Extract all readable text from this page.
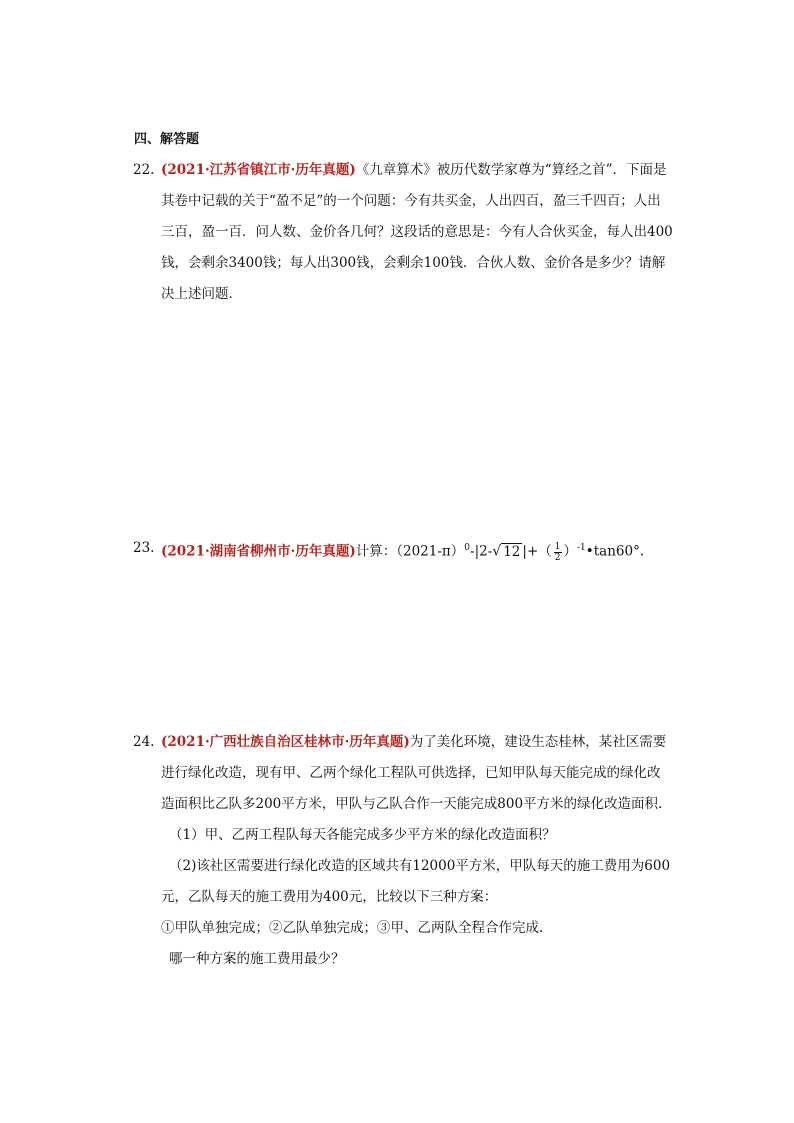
四、解答题
22. (2021·江苏省镇江市·历年真题)《九章算术》被历代数学家尊为“算经之首”．下面是其卷中记载的关于“盈不足”的一个问题：今有共买金，人出四百，盈三千四百；人出三百，盈一百．问人数、金价各几何？这段话的意思是：今有人合伙买金，每人出400钱，会剩余3400钱；每人出300钱，会剩余100钱．合伙人数、金价各是多少？请解决上述问题．
23. (2021·湖南省柳州市·历年真题)计算：$(2021-\pi)^0-|2-√$ 12 |+（ $\frac{1}{2}$ ）$^{-1}$•tan60°.
24. (2021·广西壮族自治区桂林市·历年真题)为了美化环境，建设生态桂林，某社区需要进行绿化改造，现有甲、乙两个绿化工程队可供选择，已知甲队每天能完成的绿化改造面积比乙队多200平方米，甲队与乙队合作一天能完成800平方米的绿化改造面积.
（1）甲、乙两工程队每天各能完成多少平方米的绿化改造面积？
（2)该社区需要进行绿化改造的区域共有12000平方米，甲队每天的施工费用为600元，乙队每天的施工费用为400元，比较以下三种方案：
①甲队单独完成；②乙队单独完成；③甲、乙两队全程合作完成.
哪一种方案的施工费用最少？
